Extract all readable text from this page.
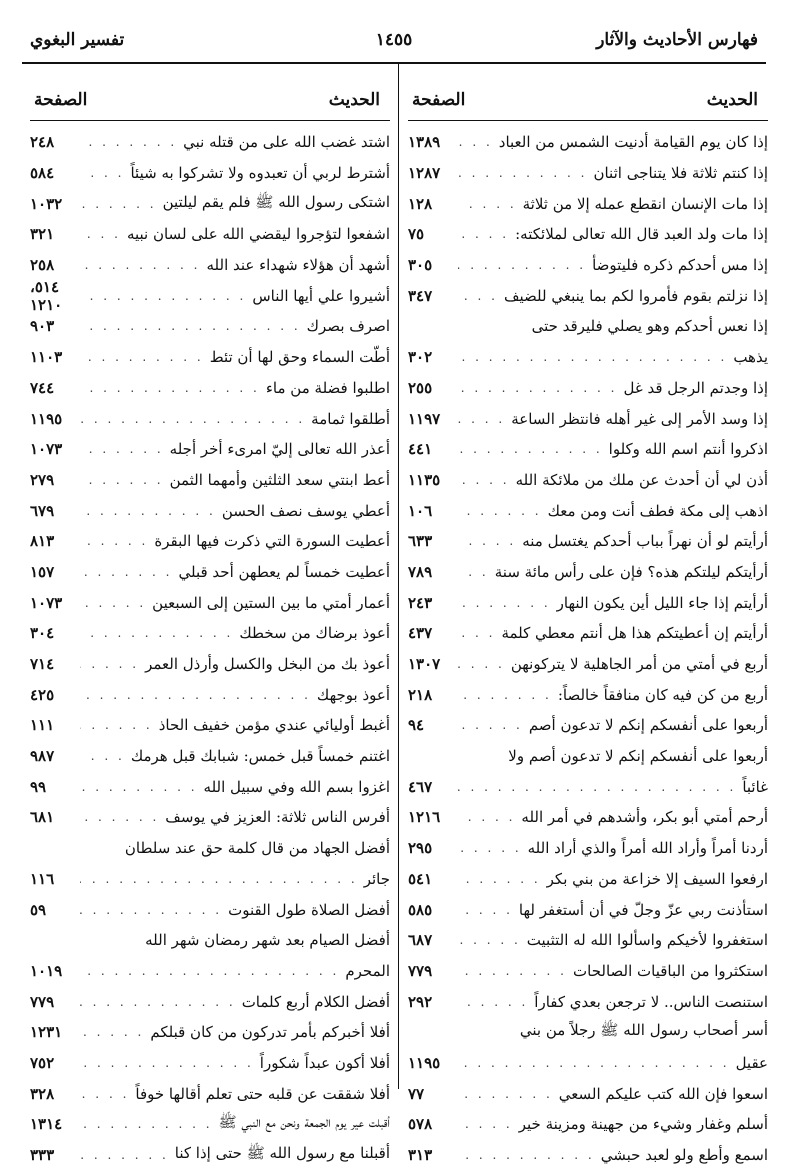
فهارس الأحاديث والآثار
١٤٥٥
تفسير البغوي
الحديث
الصفحة
إذا كان يوم القيامة أدنيت الشمس من العباد
. . .
١٣٨٩
إذا كنتم ثلاثة فلا يتناجى اثنان
. . .
١٢٨٧
إذا مات الإنسان انقطع عمله إلا من ثلاثة
. . .
١٢٨
إذا مات ولد العبد قال الله تعالى لملائكته:
. . .
٧٥
إذا مس أحدكم ذكره فليتوضأ
. . .
٣٠٥
إذا نزلتم بقوم فأمروا لكم بما ينبغي للضيف
. . .
٣٤٧
إذا نعس أحدكم وهو يصلي فليرقد حتى
يذهب
. . .
٣٠٢
إذا وجدتم الرجل قد غل
. . .
٢٥٥
إذا وسد الأمر إلى غير أهله فانتظر الساعة
. . .
١١٩٧
اذكروا أنتم اسم الله وكلوا
. . .
٤٤١
أذن لي أن أحدث عن ملك من ملائكة الله
. . .
١١٣٥
اذهب إلى مكة فطف أنت ومن معك
. . .
١٠٦
أرأيتم لو أن نهراً بباب أحدكم يغتسل منه
. . .
٦٣٣
أرأيتكم ليلتكم هذه؟ فإن على رأس مائة سنة
. . .
٧٨٩
أرأيتم إذا جاء الليل أين يكون النهار
. . .
٢٤٣
أرأيتم إن أعطيتكم هذا هل أنتم معطي كلمة
. . .
٤٣٧
أربع في أمتي من أمر الجاهلية لا يتركونهن
. . .
١٣٠٧
أربع من كن فيه كان منافقاً خالصاً:
. . .
٢١٨
أربعوا على أنفسكم إنكم لا تدعون أصم
. . .
٩٤
أربعوا على أنفسكم إنكم لا تدعون أصم ولا
غائباً
. . .
٤٦٧
أرحم أمتي أبو بكر، وأشدهم في أمر الله
. . .
١٢١٦
أردنا أمراً وأراد الله أمراً والذي أراد الله
. . .
٢٩٥
ارفعوا السيف إلا خزاعة من بني بكر
. . .
٥٤١
استأذنت ربي عزّ وجلّ في أن أستغفر لها
. . .
٥٨٥
استغفروا لأخيكم واسألوا الله له التثبيت
. . .
٦٨٧
استكثروا من الباقيات الصالحات
. . .
٧٧٩
استنصت الناس.. لا ترجعن بعدي كفاراً
. . .
٢٩٢
أسر أصحاب رسول الله ﷺ رجلاً من بني
عقيل
. . .
١١٩٥
اسعوا فإن الله كتب عليكم السعي
. . .
٧٧
أسلم وغفار وشيء من جهينة ومزينة خير
. . .
٥٧٨
اسمع وأطع ولو لعبد حبشي
. . .
٣١٣
الحديث
الصفحة
اشتد غضب الله على من قتله نبي
. . .
٢٤٨
أشترط لربي أن تعبدوه ولا تشركوا به شيئاً
. . .
٥٨٤
اشتكى رسول الله ﷺ فلم يقم ليلتين
. . .
١٠٣٢
اشفعوا لتؤجروا ليقضي الله على لسان نبيه
. . .
٣٢١
أشهد أن هؤلاء شهداء عند الله
. . .
٢٥٨
أشيروا علي أيها الناس
. . .
٥١٤، ١٢١٠
اصرف بصرك
. . .
٩٠٣
أطّت السماء وحق لها أن تئط
. . .
١١٠٣
اطلبوا فضلة من ماء
. . .
٧٤٤
أطلقوا ثمامة
. . .
١١٩٥
أعذر الله تعالى إليّ امرىء أخر أجله
. . .
١٠٧٣
أعط ابنتي سعد الثلثين وأمهما الثمن
. . .
٢٧٩
أعطي يوسف نصف الحسن
. . .
٦٧٩
أعطيت السورة التي ذكرت فيها البقرة
. . .
٨١٣
أعطيت خمساً لم يعطهن أحد قبلي
. . .
١٥٧
أعمار أمتي ما بين الستين إلى السبعين
. . .
١٠٧٣
أعوذ برضاك من سخطك
. . .
٣٠٤
أعوذ بك من البخل والكسل وأرذل العمر
. . .
٧١٤
أعوذ بوجهك
. . .
٤٢٥
أغبط أوليائي عندي مؤمن خفيف الحاذ
. . .
١١١
اغتنم خمساً قبل خمس: شبابك قبل هرمك
. . .
٩٨٧
اغزوا بسم الله وفي سبيل الله
. . .
٩٩
أفرس الناس ثلاثة: العزيز في يوسف
. . .
٦٨١
أفضل الجهاد من قال كلمة حق عند سلطان
جائر
. . .
١١٦
أفضل الصلاة طول القنوت
. . .
٥٩
أفضل الصيام بعد شهر رمضان شهر الله
المحرم
. . .
١٠١٩
أفضل الكلام أربع كلمات
. . .
٧٧٩
أفلا أخبركم بأمر تدركون من كان قبلكم
. . .
١٢٣١
أفلا أكون عبداً شكوراً
. . .
٧٥٢
أفلا شققت عن قلبه حتى تعلم أقالها خوفاً
. . .
٣٢٨
أقبلت عير يوم الجمعة ونحن مع النبي ﷺ
. . .
١٣١٤
أقبلنا مع رسول الله ﷺ حتى إذا كنا
. . .
٣٣٣
